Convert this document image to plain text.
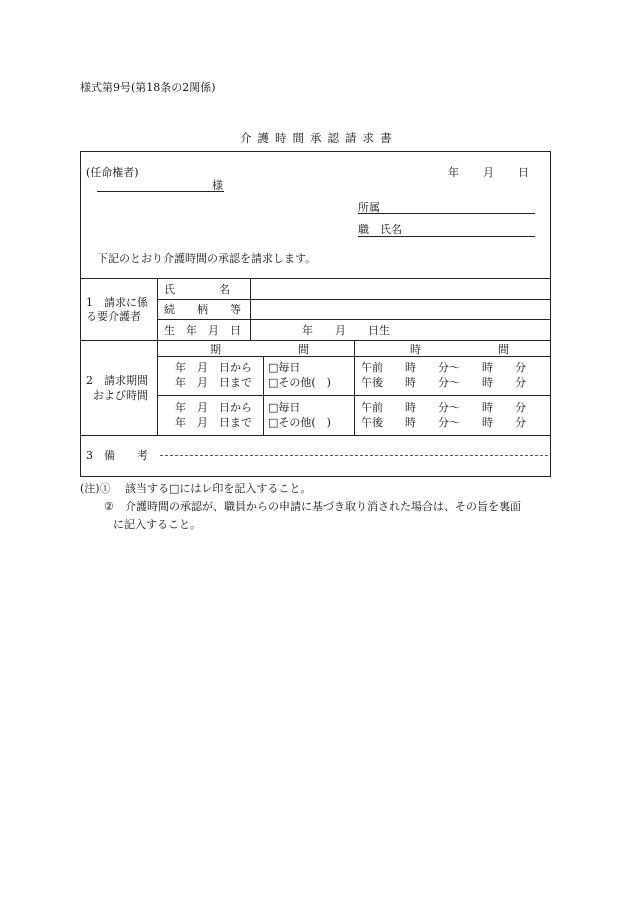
様式第9号(第18条の2関係)
介護時間承認請求書
(任命権者)
様
年 月 日
所属
職　氏名
下記のとおり介護時間の承認を請求します。
1　請求に係
る要介護者
氏　　　　名
続　　柄　　等
生　年　月　日	年　　月　　日生
2　請求期間
および時間
期　　　　　　　間	時　　　　　　　間
年　月　日から
年　月　日まで
□毎日
□その他(　)
午前　　時　　分～　　時　　分
午後　　時　　分～　　時　　分
年　月　日から
年　月　日まで
□毎日
□その他(　)
午前　　時　　分～　　時　　分
午後　　時　　分～　　時　　分
3　備　　考
(注)① 該当する□にはレ印を記入すること。
② 介護時間の承認が、職員からの申請に基づき取り消された場合は、その旨を裏面
に記入すること。
